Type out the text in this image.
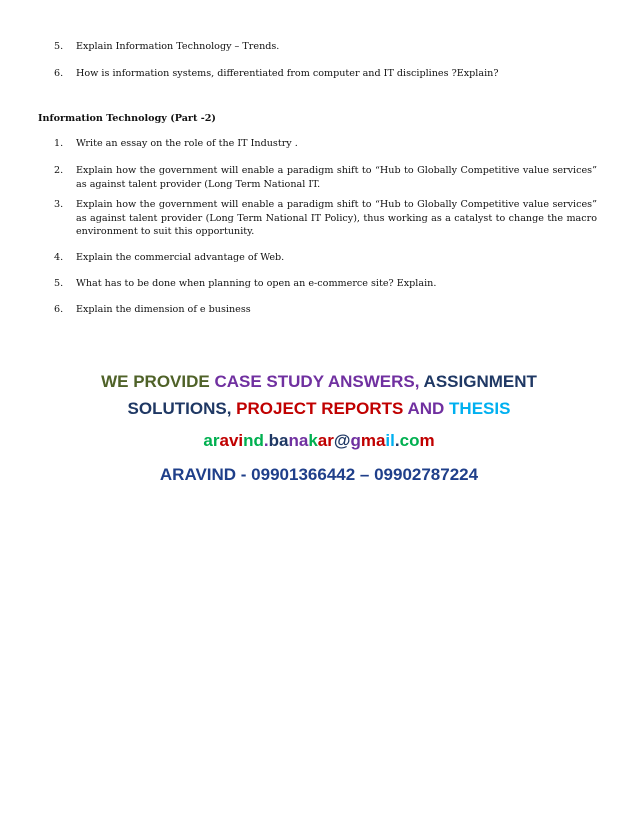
5. Explain Information Technology – Trends.
6. How is information systems, differentiated from computer and IT disciplines ?Explain?
Information Technology (Part -2)
1. Write an essay on the role of the IT Industry .
2. Explain how the government will enable a paradigm shift to “Hub to Globally Competitive value services” as against talent provider (Long Term National IT.
3. Explain how the government will enable a paradigm shift to “Hub to Globally Competitive value services” as against talent provider (Long Term National IT Policy), thus working as a catalyst to change the macro environment to suit this opportunity.
4. Explain the commercial advantage of Web.
5. What has to be done when planning to open an e-commerce site? Explain.
6. Explain the dimension of e business
WE PROVIDE CASE STUDY ANSWERS, ASSIGNMENT
SOLUTIONS, PROJECT REPORTS AND THESIS
aravind.banakar@gmail.com
ARAVIND - 09901366442 – 09902787224
